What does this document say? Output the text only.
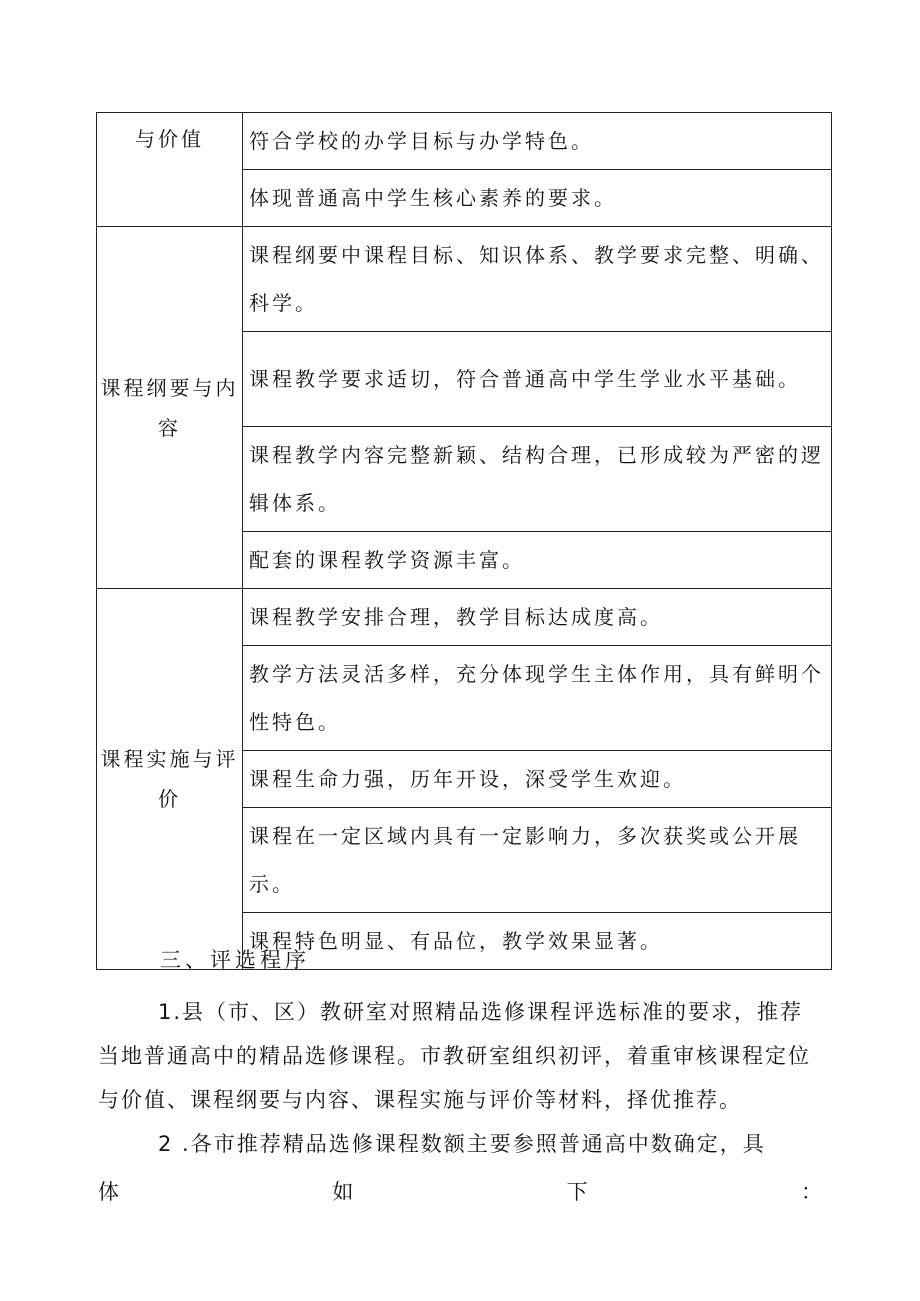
与价值	符合学校的办学目标与办学特色。
	体现普通高中学生核心素养的要求。
课程纲要与内容	课程纲要中课程目标、知识体系、教学要求完整、明确、科学。
	课程教学要求适切，符合普通高中学生学业水平基础。
	课程教学内容完整新颖、结构合理，已形成较为严密的逻辑体系。
	配套的课程教学资源丰富。
课程实施与评价	课程教学安排合理，教学目标达成度高。
	教学方法灵活多样，充分体现学生主体作用，具有鲜明个性特色。
	课程生命力强，历年开设，深受学生欢迎。
	课程在一定区域内具有一定影响力，多次获奖或公开展示。
	课程特色明显、有品位，教学效果显著。
三、评选程序
1.县（市、区）教研室对照精品选修课程评选标准的要求，推荐当地普通高中的精品选修课程。市教研室组织初评，着重审核课程定位与价值、课程纲要与内容、课程实施与评价等材料，择优推荐。
2 .各市推荐精品选修课程数额主要参照普通高中数确定，具
体	如	下	：
